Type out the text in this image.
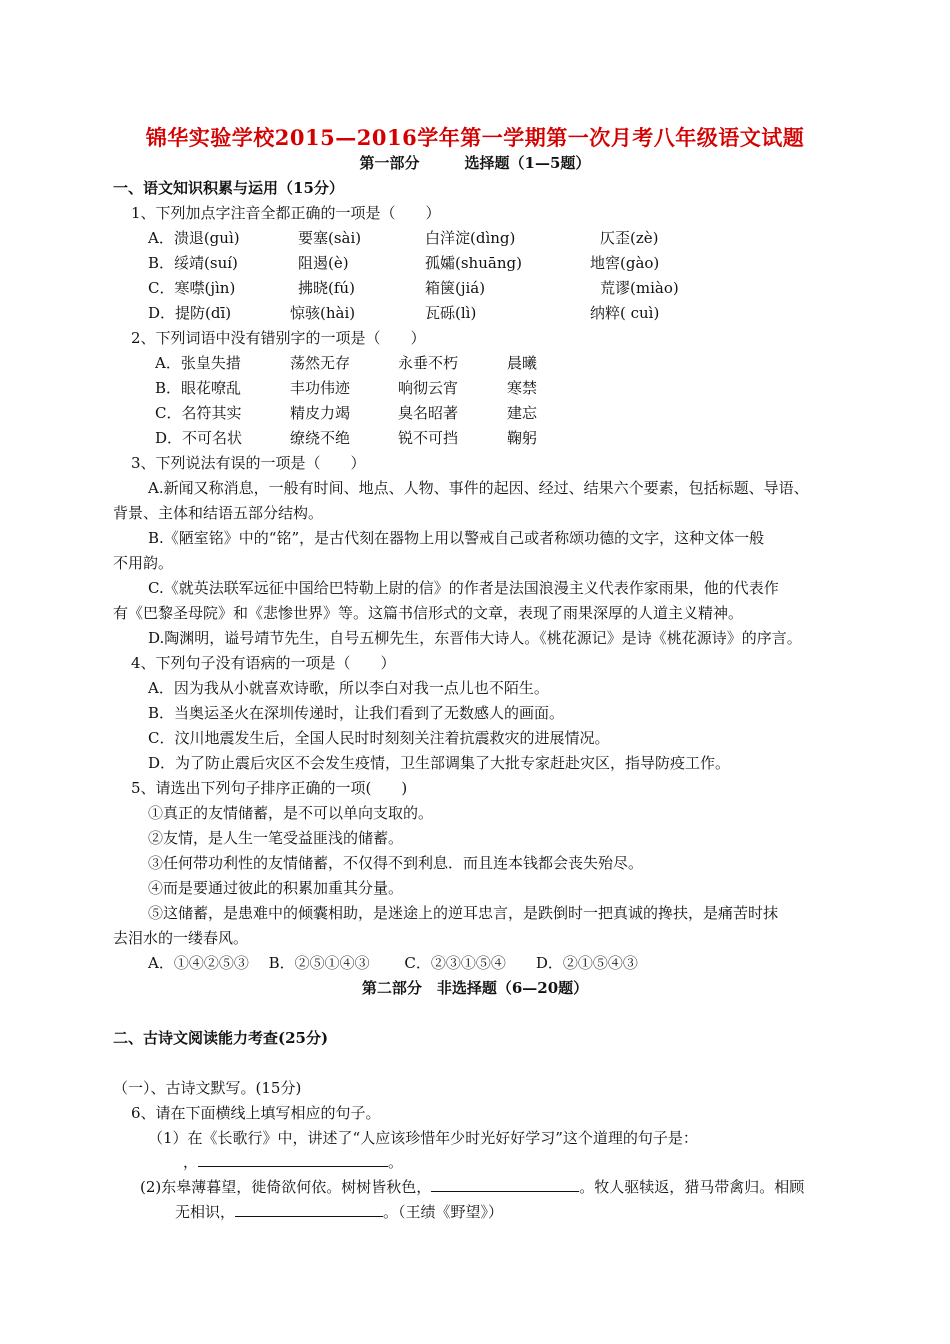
锦华实验学校2015—2016学年第一学期第一次月考八年级语文试题
第一部分　　　选择题（1—5题）
一、语文知识积累与运用（15分）
1、下列加点字注音全都正确的一项是（　　）
A．溃退(guì)	要塞(sài)	白洋淀(dìng)	仄歪(zè)
B．绥靖(suí)	阻遏(è)	孤孀(shuāng)	地窖(gào)
C．寒噤(jìn)	拂晓(fú)	箱箧(jiá)	荒谬(miào)
D．提防(dī)	惊骇(hài)	瓦砾(lì)	纳粹( cuì)
2、下列词语中没有错别字的一项是（　　）
A．张皇失措	荡然无存	永垂不朽	晨曦
B．眼花嘹乱	丰功伟迹	响彻云宵	寒禁
C．名符其实	精皮力竭	臭名昭著	建忘
D．不可名状	缭绕不绝	锐不可挡	鞠躬
3、下列说法有误的一项是（　　）
A.新闻又称消息，一般有时间、地点、人物、事件的起因、经过、结果六个要素，包括标题、导语、
背景、主体和结语五部分结构。
B.《陋室铭》中的“铭”，是古代刻在器物上用以警戒自己或者称颂功德的文字，这种文体一般
不用韵。
C.《就英法联军远征中国给巴特勒上尉的信》的作者是法国浪漫主义代表作家雨果，他的代表作
有《巴黎圣母院》和《悲惨世界》等。这篇书信形式的文章，表现了雨果深厚的人道主义精神。
D.陶渊明，谥号靖节先生，自号五柳先生，东晋伟大诗人。《桃花源记》是诗《桃花源诗》的序言。
4、下列句子没有语病的一项是（　　）
A．因为我从小就喜欢诗歌，所以李白对我一点儿也不陌生。
B．当奥运圣火在深圳传递时，让我们看到了无数感人的画面。
C．汶川地震发生后，全国人民时时刻刻关注着抗震救灾的进展情况。
D．为了防止震后灾区不会发生疫情，卫生部调集了大批专家赶赴灾区，指导防疫工作。
5、请选出下列句子排序正确的一项(　　)
①真正的友情储蓄，是不可以单向支取的。
②友情，是人生一笔受益匪浅的储蓄。
③任何带功利性的友情储蓄，不仅得不到利息．而且连本钱都会丧失殆尽。
④而是要通过彼此的积累加重其分量。
⑤这储蓄，是患难中的倾囊相助，是迷途上的逆耳忠言，是跌倒时一把真诚的搀扶，是痛苦时抹
去泪水的一缕春风。
A．①④②⑤③　 B．②⑤①④③　　 C．②③①⑤④　　D．②①⑤④③
第二部分　非选择题（6—20题）
二、古诗文阅读能力考查(25分)
（一）、古诗文默写。(15分)
6、请在下面横线上填写相应的句子。
（1）在《长歌行》中，讲述了“人应该珍惜年少时光好好学习”这个道理的句子是：
，	。
(2)东皋薄暮望，徙倚欲何依。树树皆秋色，	。牧人驱犊返，猎马带禽归。相顾
无相识，	。（王绩《野望》）
